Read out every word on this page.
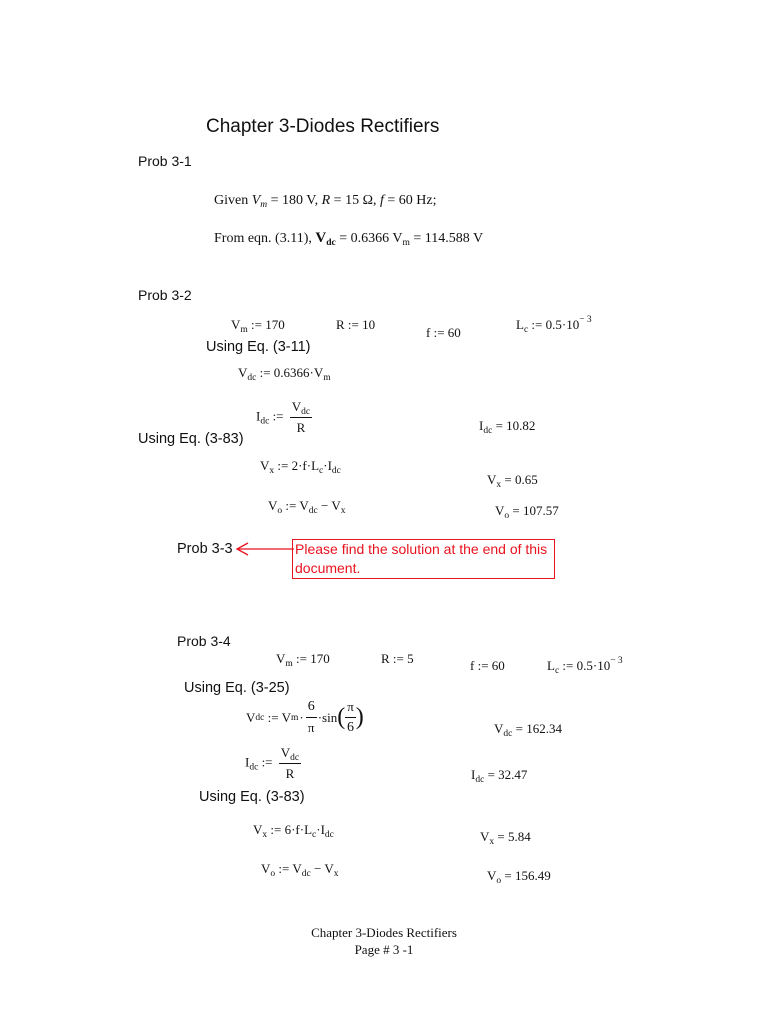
Chapter 3-Diodes Rectifiers
Prob 3-1
Given $V_m = 180$ V, R = 15 Ω, f = 60 Hz;
From eqn. (3.11), $V_{dc} = 0.6366$ $V_m = 114.588$ V
Prob 3-2
$V_m$ := 170	R := 10
f := 60
$L_c$ := $0.5\cdot 10^{- 3}$
Using Eq. (3-11)
$V_{dc}$ := $0.6366\cdot V_m$
$I_{dc}$ := $\frac{V_{dc}}{R}$	$I_{dc} = 10.82$
Using Eq. (3-83)
$V_x$ := $2\cdot f\cdot L_c\cdot I_{dc}$
$V_x = 0.65$
$V_o$ := $V_{dc} - V_x$	$V_o = 107.57$
Prob 3-3	Please find the solution at the end of this document.
Prob 3-4
$V_m$ := 170	R := 5	f := 60	$L_c$ := $0.5\cdot 10^{- 3}$
Using Eq. (3-25)
V dc := V $m \cdot \frac{6}{\pi} \cdot\sin$ ( $\frac{\pi}{6}$ )	$V_{dc} = 162.34$
$I_{dc}$ := $\frac{V_{dc}}{R}$	$I_{dc} = 32.47$
Using Eq. (3-83)
$V_x$ := $6\cdot f\cdot L_c\cdot I_{dc}$	$V_x = 5.84$
$V_o$ := $V_{dc} - V_x$	$V_o = 156.49$
Chapter 3-Diodes Rectifiers
Page # 3 -1
